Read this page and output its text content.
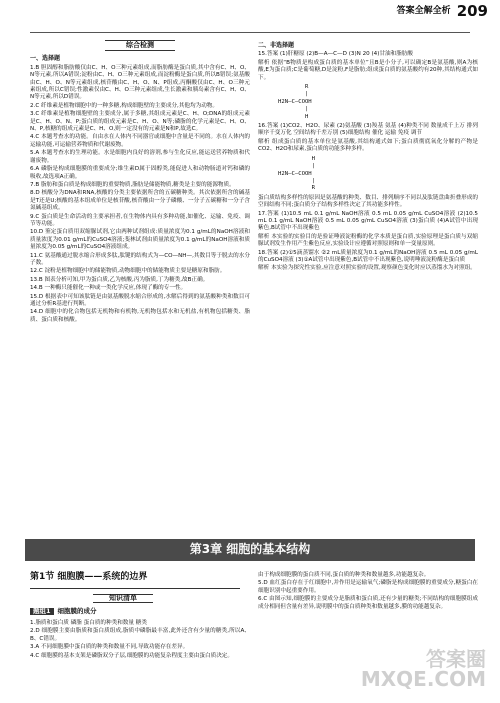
答案全解全析 209
综合检测
一、选择题
1.B 胆固醇和脂肪酸仅由C、H、O三种元素组成,而脂肪酶是蛋白质,其中含有C、H、O、N等元素,所以A错误;淀粉由C、H、O三种元素组成,而淀粉酶是蛋白质,所以B错误;氨基酸由C、H、O、N等元素组成,核苷酸由C、H、O、N、P组成,丙酮酸仅由C、H、O三种元素组成,所以C错误;性激素仅由C、H、O三种元素组成,生长激素和胰岛素含有C、H、O、N等元素,所以D错误。
2.C 纤维素是植物细胞中的一种多糖,构成细胞壁的主要成分,其他均为动物。
3.C 纤维素是植物细胞壁的主要成分,属于多糖,其组成元素是C、H、O;DNA的组成元素是C、H、O、N、P;蛋白质的组成元素是C、H、O、N等;磷脂的化学元素是C、H、O、N、P,核糖的组成元素是C、H、O,则一定没有的元素是N和P,故选C。
4.C 本题考查水的功能。自由水在人体内不同器官或细胞中含量是不同的。水在人体内的运输功能,可运输营养物质和代谢废物。
5.A 本题考查水的生理功能。水是细胞内良好的溶剂,参与生化反应,能运送营养物质和代谢废物。
6.A 磷脂是构成细胞膜的重要成分;维生素D属于固醇类,能促进人和动物肠道对钙和磷的吸收,故选项A正确。
7.B 脂肪和蛋白质是构成细胞的重要物质,脂肪是储能物质,糖类是主要的能源物质。
8.D 核酸分为DNA和RNA,核酸的分类主要依据所含的五碳糖种类。其次依据所含的碱基是T还是U;核酸的基本组成单位是核苷酸,核苷酸由一分子磷酸、一分子五碳糖和一分子含氮碱基组成。
9.C 蛋白质是生命活动的主要承担者,在生物体内具有多种功能,如催化、运输、免疫、调节等功能。
10.D 鉴定蛋白质用双缩脲试剂,它由两种试剂组成:质量浓度为0.1 g/mL的NaOH溶液和质量浓度为0.01 g/mL的CuSO4溶液;斐林试剂由质量浓度为0.1 g/mL的NaOH溶液和质量浓度为0.05 g/mL的CuSO4溶液组成。
11.C 氨基酸通过脱水缩合形成多肽,肽键的结构式为—CO—NH—,其数目等于脱去的水分子数。
12.C 淀粉是植物细胞中的储能物质,动物细胞中的储能物质主要是糖原和脂肪。
13.B 图表分析可知,甲为蛋白质,乙为核酸,丙为脂质,丁为糖类,故B正确。
14.B 一种酶只能催化一种或一类化学反应,体现了酶的专一性。
15.D 根据表中可知该肽链是由氨基酸脱水缩合形成的,水解后得到的氨基酸种类和数目可通过分析R基进行判断。
14.D 细胞中的化合物包括无机物和有机物,无机物包括水和无机盐,有机物包括糖类、脂质、蛋白质和核酸。
二、非选择题
15.答案 (1)肝糖原 (2)B—A—C—D (3)N 20 (4)甘油和脂肪酸
解析 依据“B物质是构成蛋白质的基本单位”且B是小分子,可以确定B是氨基酸,则A为核酸,E为蛋白质;C是葡萄糖,D是淀粉,F是脂肪;组成蛋白质的氨基酸约有20种,其结构通式如下。
R
|
H2N—C—COOH
|
H
16.答案 (1)CO2、H2O、尿素 (2)氨基酸 (3)羧基 氨基 (4)种类不同 数量成千上万 排列顺序千变万化 空间结构千差万别 (5)细胞结构 催化 运输 免疫 调节
解析 组成蛋白质的基本单位是氨基酸,其结构通式如下;蛋白质彻底氧化分解的产物是CO2、H2O和尿素,蛋白质的功能多种多样。
H
|
H2N—C—COOH
|
R
蛋白质结构多样性的原因是氨基酸的种类、数目、排列顺序不同以及肽链盘曲折叠形成的空间结构不同;蛋白质分子结构多样性决定了其功能多样性。
17.答案 (1)10.5 mL 0.1 g/mL NaOH溶液 0.5 mL 0.05 g/mL CuSO4溶液 (2)10.5 mL 0.1 g/mL NaOH溶液 0.5 mL 0.05 g/mL CuSO4溶液 (3)蛋白质 (4)A试管中出现紫色,B试管中不出现紫色
解析 本实验的实验目的是验证唾液淀粉酶的化学本质是蛋白质,实验原理是蛋白质与双缩脲试剂发生作用产生紫色反应,实验设计应遵循对照原则和单一变量原则。
18.答案 (2)①5滴蒸馏水 ②2 mL质量浓度为0.1 g/mL的NaOH溶液 0.5 mL 0.05 g/mL的CuSO4溶液 (3)①A试管中出现紫色,B试管中不出现紫色,说明唾液淀粉酶是蛋白质
解析 本实验为探究性实验,应注意对照实验的设置,观察颜色变化时应以蒸馏水为对照组。
第3章 细胞的基本结构
第1节 细胞膜——系统的边界
知识清单
题组1	细胞膜的成分
1.脂质和蛋白质 磷脂 蛋白质的种类和数量 糖类
2.D 细胞膜主要由脂质和蛋白质组成,脂质中磷脂最丰富,此外还含有少量的糖类,所以A、B、C错误。
3.A 不同细胞膜中蛋白质的种类和数量不同,导致功能存在差异。
4.C 细胞膜的基本支架是磷脂双分子层,细胞膜的功能复杂程度主要由蛋白质决定。
由于构成细胞膜的蛋白质不同,蛋白质的种类和数量越多,功能越复杂。
5.D 血红蛋白存在于红细胞中,并作用是运输氧气;磷脂是构成细胞膜的重要成分,糖蛋白在细胞识别中起重要作用。
6.C 由图示知,细胞膜的主要成分是脂质和蛋白质,还有少量的糖类;不同结构的细胞膜组成成分相同但含量有差异,说明膜中的蛋白质种类和数量越多,膜的功能越复杂。
答案圈
MXQE.COM
